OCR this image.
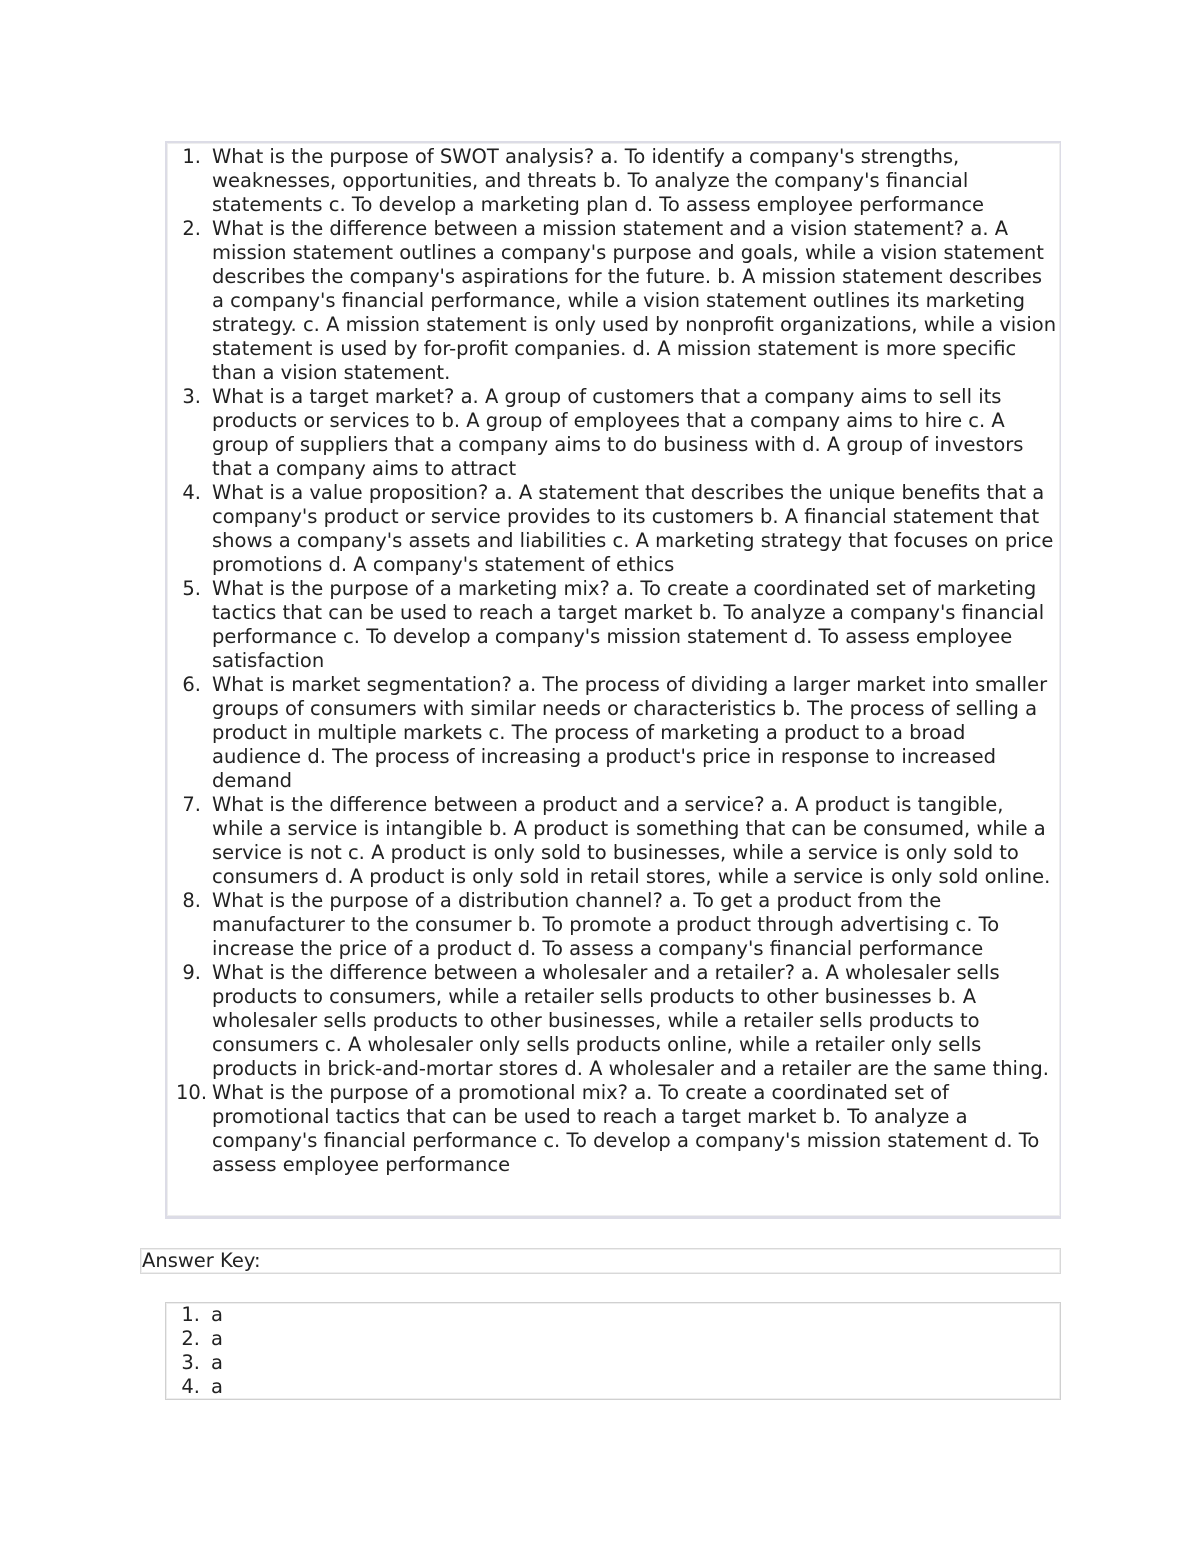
1. What is the purpose of SWOT analysis? a. To identify a company's strengths, weaknesses, opportunities, and threats b. To analyze the company's financial statements c. To develop a marketing plan d. To assess employee performance
2. What is the difference between a mission statement and a vision statement? a. A mission statement outlines a company's purpose and goals, while a vision statement describes the company's aspirations for the future. b. A mission statement describes a company's financial performance, while a vision statement outlines its marketing strategy. c. A mission statement is only used by nonprofit organizations, while a vision statement is used by for-profit companies. d. A mission statement is more specific than a vision statement.
3. What is a target market? a. A group of customers that a company aims to sell its products or services to b. A group of employees that a company aims to hire c. A group of suppliers that a company aims to do business with d. A group of investors that a company aims to attract
4. What is a value proposition? a. A statement that describes the unique benefits that a company's product or service provides to its customers b. A financial statement that shows a company's assets and liabilities c. A marketing strategy that focuses on price promotions d. A company's statement of ethics
5. What is the purpose of a marketing mix? a. To create a coordinated set of marketing tactics that can be used to reach a target market b. To analyze a company's financial performance c. To develop a company's mission statement d. To assess employee satisfaction
6. What is market segmentation? a. The process of dividing a larger market into smaller groups of consumers with similar needs or characteristics b. The process of selling a product in multiple markets c. The process of marketing a product to a broad audience d. The process of increasing a product's price in response to increased demand
7. What is the difference between a product and a service? a. A product is tangible, while a service is intangible b. A product is something that can be consumed, while a service is not c. A product is only sold to businesses, while a service is only sold to consumers d. A product is only sold in retail stores, while a service is only sold online.
8. What is the purpose of a distribution channel? a. To get a product from the manufacturer to the consumer b. To promote a product through advertising c. To increase the price of a product d. To assess a company's financial performance
9. What is the difference between a wholesaler and a retailer? a. A wholesaler sells products to consumers, while a retailer sells products to other businesses b. A wholesaler sells products to other businesses, while a retailer sells products to consumers c. A wholesaler only sells products online, while a retailer only sells products in brick-and-mortar stores d. A wholesaler and a retailer are the same thing.
10. What is the purpose of a promotional mix? a. To create a coordinated set of promotional tactics that can be used to reach a target market b. To analyze a company's financial performance c. To develop a company's mission statement d. To assess employee performance
Answer Key:
1. a
2. a
3. a
4. a
